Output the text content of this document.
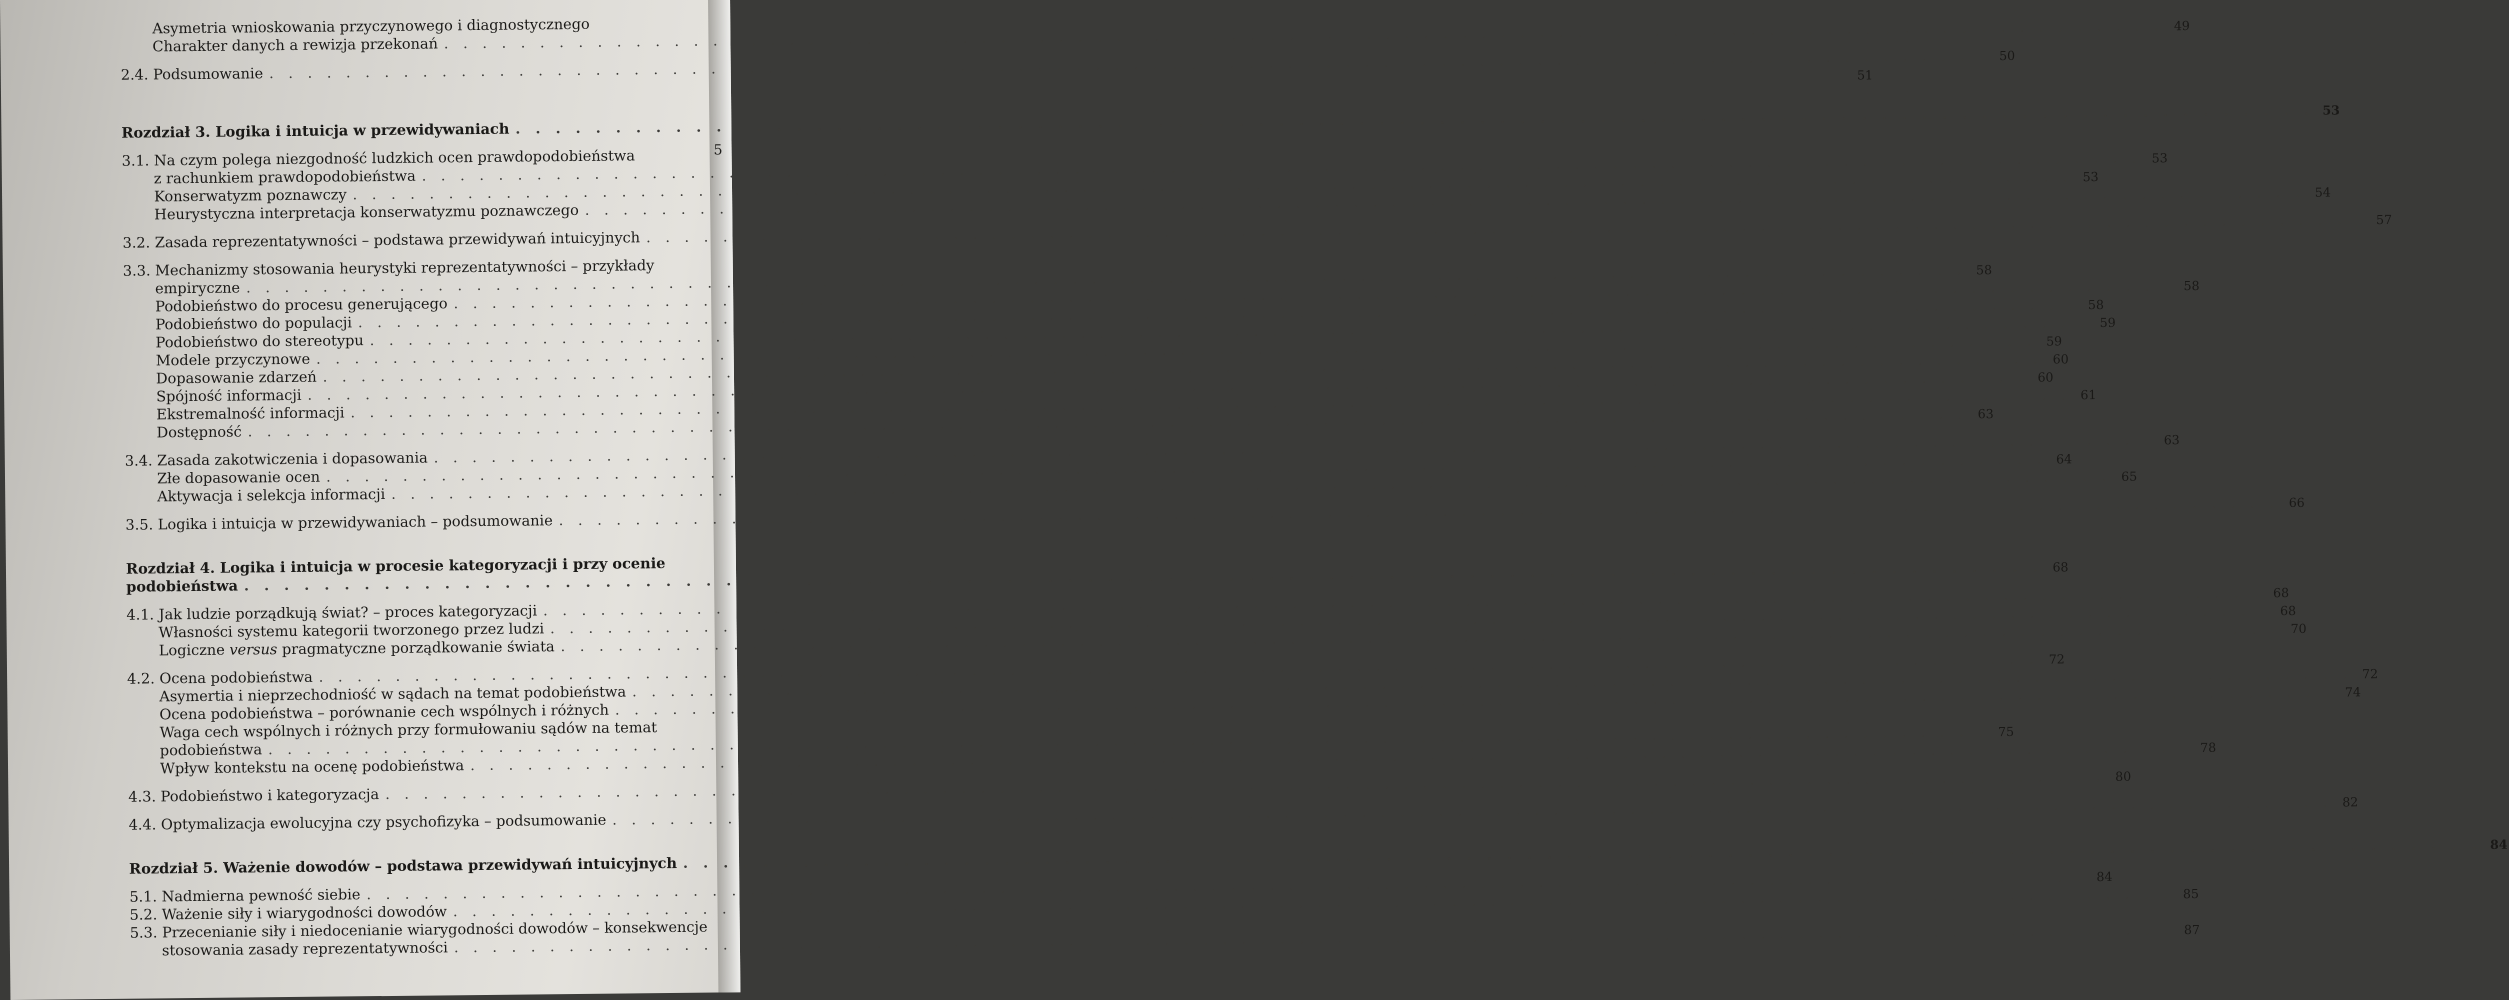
5
Asymetria wnioskowania przyczynowego i diagnostycznego
Charakter danych a rewizja przekonań
. . .
49
2.4. Podsumowanie
. . .
50
51
Rozdział 3. Logika i intuicja w przewidywaniach
. . .
53
3.1. Na czym polega niezgodność ludzkich ocen prawdopodobieństwa
z rachunkiem prawdopodobieństwa
. . .
53
Konserwatyzm poznawczy
. . .
53
Heurystyczna interpretacja konserwatyzmu poznawczego
. . .
54
3.2. Zasada reprezentatywności – podstawa przewidywań intuicyjnych
. . .
57
3.3. Mechanizmy stosowania heurystyki reprezentatywności – przykłady
empiryczne
. . .
58
Podobieństwo do procesu generującego
. . .
58
Podobieństwo do populacji
. . .
58
Podobieństwo do stereotypu
. . .
59
Modele przyczynowe
. . .
59
Dopasowanie zdarzeń
. . .
60
Spójność informacji
. . .
60
Ekstremalność informacji
. . .
61
Dostępność
. . .
63
3.4. Zasada zakotwiczenia i dopasowania
. . .
63
Złe dopasowanie ocen
. . .
64
Aktywacja i selekcja informacji
. . .
65
3.5. Logika i intuicja w przewidywaniach – podsumowanie
. . .
66
Rozdział 4. Logika i intuicja w procesie kategoryzacji i przy ocenie
podobieństwa
. . .
68
4.1. Jak ludzie porządkują świat? – proces kategoryzacji
. . .
68
Własności systemu kategorii tworzonego przez ludzi
. . .
68
Logiczne versus pragmatyczne porządkowanie świata
. . .
70
4.2. Ocena podobieństwa
. . .
72
Asymertia i nieprzechodniość w sądach na temat podobieństwa
. . .
72
Ocena podobieństwa – porównanie cech wspólnych i różnych
. . .
74
Waga cech wspólnych i różnych przy formułowaniu sądów na temat
podobieństwa
. . .
75
Wpływ kontekstu na ocenę podobieństwa
. . .
78
4.3. Podobieństwo i kategoryzacja
. . .
80
4.4. Optymalizacja ewolucyjna czy psychofizyka – podsumowanie
. . .
82
Rozdział 5. Ważenie dowodów – podstawa przewidywań intuicyjnych
. . .
84
5.1. Nadmierna pewność siebie
. . .
84
5.2. Ważenie siły i wiarygodności dowodów
. . .
85
5.3. Przecenianie siły i niedocenianie wiarygodności dowodów – konsekwencje
stosowania zasady reprezentatywności
. . .
87
